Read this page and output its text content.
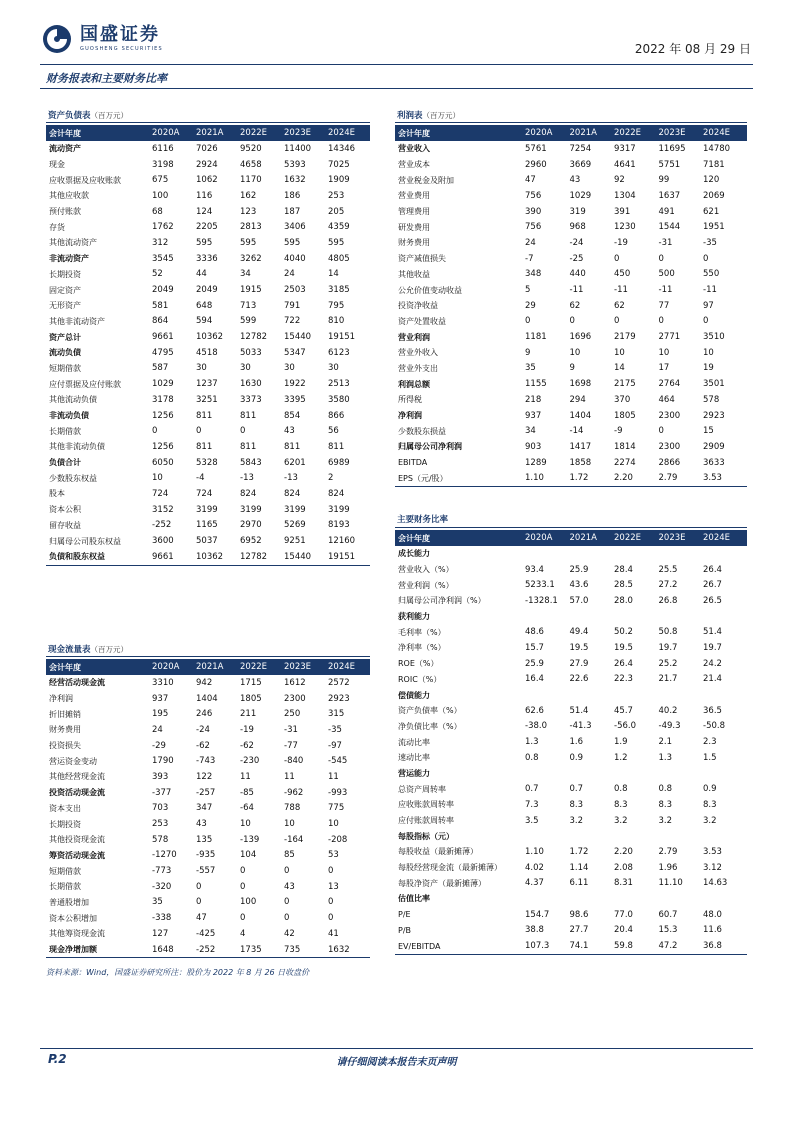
国盛证券
GUOSHENG SECURITIES	2022 年 08 月 29 日
财务报表和主要财务比率
资产负债表（百万元）
会计年度	2020A	2021A	2022E	2023E	2024E
流动资产	6116	7026	9520	11400	14346
现金	3198	2924	4658	5393	7025
应收票据及应收账款	675	1062	1170	1632	1909
其他应收款	100	116	162	186	253
预付账款	68	124	123	187	205
存货	1762	2205	2813	3406	4359
其他流动资产	312	595	595	595	595
非流动资产	3545	3336	3262	4040	4805
长期投资	52	44	34	24	14
固定资产	2049	2049	1915	2503	3185
无形资产	581	648	713	791	795
其他非流动资产	864	594	599	722	810
资产总计	9661	10362	12782	15440	19151
流动负债	4795	4518	5033	5347	6123
短期借款	587	30	30	30	30
应付票据及应付账款	1029	1237	1630	1922	2513
其他流动负债	3178	3251	3373	3395	3580
非流动负债	1256	811	811	854	866
长期借款	0	0	0	43	56
其他非流动负债	1256	811	811	811	811
负债合计	6050	5328	5843	6201	6989
少数股东权益	10	-4	-13	-13	2
股本	724	724	824	824	824
资本公积	3152	3199	3199	3199	3199
留存收益	-252	1165	2970	5269	8193
归属母公司股东权益	3600	5037	6952	9251	12160
负债和股东权益	9661	10362	12782	15440	19151
现金流量表（百万元）
会计年度	2020A	2021A	2022E	2023E	2024E
经营活动现金流	3310	942	1715	1612	2572
净利润	937	1404	1805	2300	2923
折旧摊销	195	246	211	250	315
财务费用	24	-24	-19	-31	-35
投资损失	-29	-62	-62	-77	-97
营运资金变动	1790	-743	-230	-840	-545
其他经营现金流	393	122	11	11	11
投资活动现金流	-377	-257	-85	-962	-993
资本支出	703	347	-64	788	775
长期投资	253	43	10	10	10
其他投资现金流	578	135	-139	-164	-208
筹资活动现金流	-1270	-935	104	85	53
短期借款	-773	-557	0	0	0
长期借款	-320	0	0	43	13
普通股增加	35	0	100	0	0
资本公积增加	-338	47	0	0	0
其他筹资现金流	127	-425	4	42	41
现金净增加额	1648	-252	1735	735	1632
利润表（百万元）
会计年度	2020A	2021A	2022E	2023E	2024E
营业收入	5761	7254	9317	11695	14780
营业成本	2960	3669	4641	5751	7181
营业税金及附加	47	43	92	99	120
营业费用	756	1029	1304	1637	2069
管理费用	390	319	391	491	621
研发费用	756	968	1230	1544	1951
财务费用	24	-24	-19	-31	-35
资产减值损失	-7	-25	0	0	0
其他收益	348	440	450	500	550
公允价值变动收益	5	-11	-11	-11	-11
投资净收益	29	62	62	77	97
资产处置收益	0	0	0	0	0
营业利润	1181	1696	2179	2771	3510
营业外收入	9	10	10	10	10
营业外支出	35	9	14	17	19
利润总额	1155	1698	2175	2764	3501
所得税	218	294	370	464	578
净利润	937	1404	1805	2300	2923
少数股东损益	34	-14	-9	0	15
归属母公司净利润	903	1417	1814	2300	2909
EBITDA	1289	1858	2274	2866	3633
EPS（元/股）	1.10	1.72	2.20	2.79	3.53
主要财务比率
会计年度	2020A	2021A	2022E	2023E	2024E
成长能力
营业收入（%）	93.4	25.9	28.4	25.5	26.4
营业利润（%）	5233.1	43.6	28.5	27.2	26.7
归属母公司净利润（%）	-1328.1	57.0	28.0	26.8	26.5
获利能力
毛利率（%）	48.6	49.4	50.2	50.8	51.4
净利率（%）	15.7	19.5	19.5	19.7	19.7
ROE（%）	25.9	27.9	26.4	25.2	24.2
ROIC（%）	16.4	22.6	22.3	21.7	21.4
偿债能力
资产负债率（%）	62.6	51.4	45.7	40.2	36.5
净负债比率（%）	-38.0	-41.3	-56.0	-49.3	-50.8
流动比率	1.3	1.6	1.9	2.1	2.3
速动比率	0.8	0.9	1.2	1.3	1.5
营运能力
总资产周转率	0.7	0.7	0.8	0.8	0.9
应收账款周转率	7.3	8.3	8.3	8.3	8.3
应付账款周转率	3.5	3.2	3.2	3.2	3.2
每股指标（元）
每股收益（最新摊薄）	1.10	1.72	2.20	2.79	3.53
每股经营现金流（最新摊薄）	4.02	1.14	2.08	1.96	3.12
每股净资产（最新摊薄）	4.37	6.11	8.31	11.10	14.63
估值比率
P/E	154.7	98.6	77.0	60.7	48.0
P/B	38.8	27.7	20.4	15.3	11.6
EV/EBITDA	107.3	74.1	59.8	47.2	36.8
资料来源：Wind，国盛证券研究所注：股价为 2022 年 8 月 26 日收盘价
P.2	请仔细阅读本报告末页声明
